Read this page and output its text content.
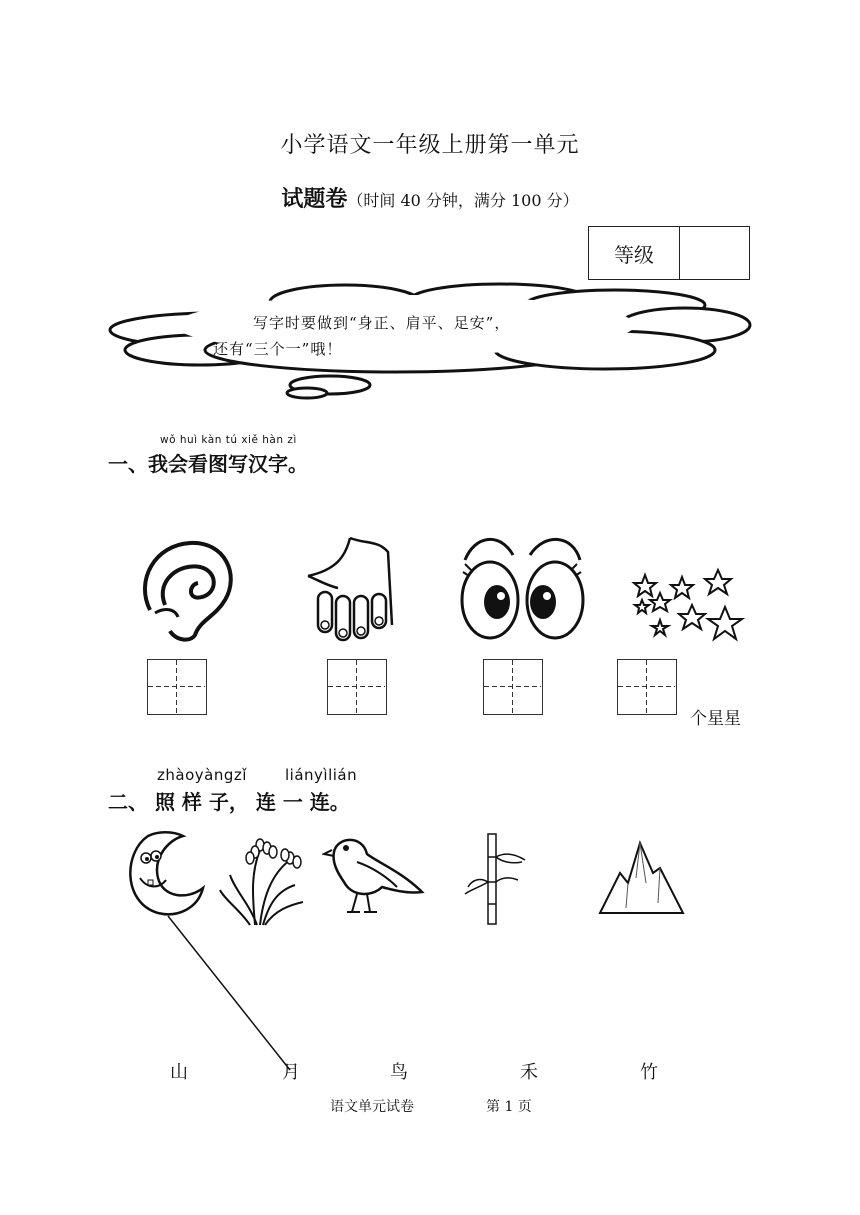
小学语文一年级上册第一单元
试题卷（时间 40 分钟，满分 100 分）
等级
写字时要做到“身正、肩平、足安”，
还有“三个一”哦！
wǒ huì kàn tú xiě hàn zì
一、我会看图写汉字。
个星星
zhàoyàngzǐ	liányìlián
二、 照 样 子， 连 一 连。
山	月	鸟	禾	竹
语文单元试卷	第 1 页
